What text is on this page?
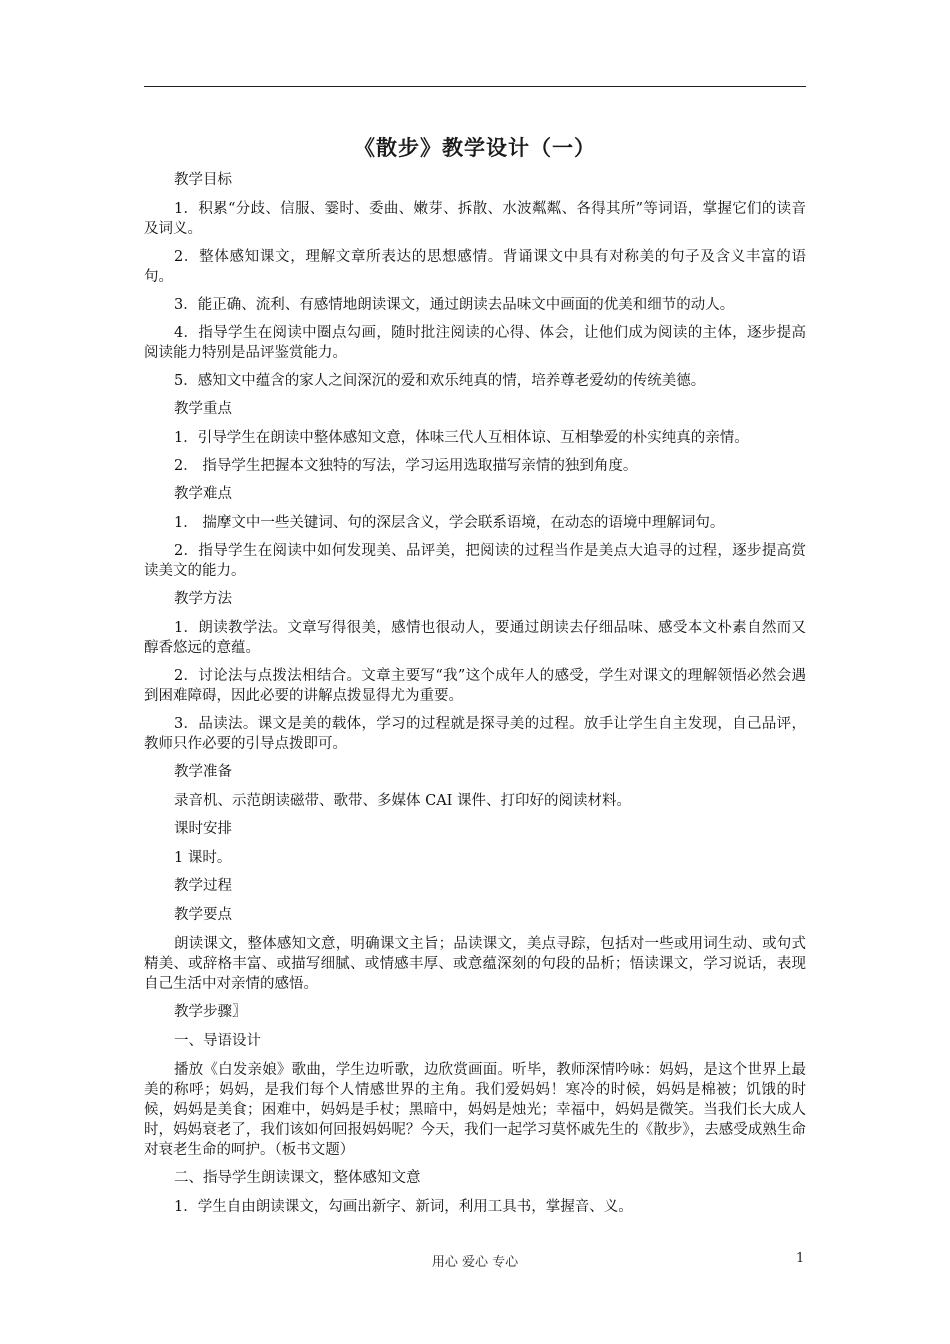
《散步》教学设计（一）

教学目标

1．积累“分歧、信服、霎时、委曲、嫩芽、拆散、水波粼粼、各得其所”等词语，掌握它们的读音及词义。

2．整体感知课文，理解文章所表达的思想感情。背诵课文中具有对称美的句子及含义丰富的语句。

3．能正确、流利、有感情地朗读课文，通过朗读去品味文中画面的优美和细节的动人。

4．指导学生在阅读中圈点勾画，随时批注阅读的心得、体会，让他们成为阅读的主体，逐步提高阅读能力特别是品评鉴赏能力。

5．感知文中蕴含的家人之间深沉的爱和欢乐纯真的情，培养尊老爱幼的传统美德。

教学重点

1．引导学生在朗读中整体感知文意，体味三代人互相体谅、互相挚爱的朴实纯真的亲情。

2． 指导学生把握本文独特的写法，学习运用选取描写亲情的独到角度。

教学难点

1． 揣摩文中一些关键词、句的深层含义，学会联系语境，在动态的语境中理解词句。

2．指导学生在阅读中如何发现美、品评美，把阅读的过程当作是美点大追寻的过程，逐步提高赏读美文的能力。

教学方法

1．朗读教学法。文章写得很美，感情也很动人，要通过朗读去仔细品味、感受本文朴素自然而又醇香悠远的意蕴。

2．讨论法与点拨法相结合。文章主要写“我”这个成年人的感受，学生对课文的理解领悟必然会遇到困难障碍，因此必要的讲解点拨显得尤为重要。

3．品读法。课文是美的载体，学习的过程就是探寻美的过程。放手让学生自主发现，自己品评，教师只作必要的引导点拨即可。

教学准备

录音机、示范朗读磁带、歌带、多媒体 CAI 课件、打印好的阅读材料。

课时安排

1 课时。

教学过程

教学要点

朗读课文，整体感知文意，明确课文主旨；品读课文，美点寻踪，包括对一些或用词生动、或句式精美、或辞格丰富、或描写细腻、或情感丰厚、或意蕴深刻的句段的品析；悟读课文，学习说话，表现自己生活中对亲情的感悟。

教学步骤〗

一、导语设计

播放《白发亲娘》歌曲，学生边听歌，边欣赏画面。听毕，教师深情吟咏：妈妈，是这个世界上最美的称呼；妈妈，是我们每个人情感世界的主角。我们爱妈妈！寒冷的时候，妈妈是棉被；饥饿的时候，妈妈是美食；困难中，妈妈是手杖；黑暗中，妈妈是烛光；幸福中，妈妈是微笑。当我们长大成人时，妈妈衰老了，我们该如何回报妈妈呢？今天，我们一起学习莫怀戚先生的《散步》，去感受成熟生命对衰老生命的呵护。（板书文题）

二、指导学生朗读课文，整体感知文意

1．学生自由朗读课文，勾画出新字、新词，利用工具书，掌握音、义。

用心 爱心 专心	1
